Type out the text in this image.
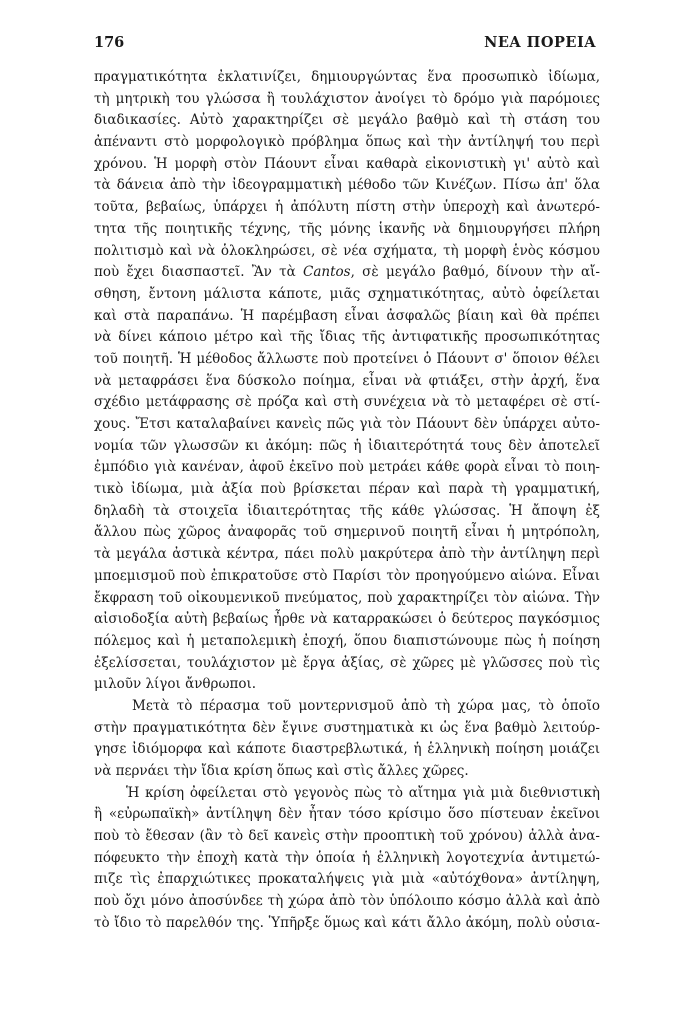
176	ΝΕΑ ΠΟΡΕΙΑ
πραγματικότητα ἐκλατινίζει, δημιουργώντας ἕνα προσωπικὸ ἰδίωμα,
τὴ μητρικὴ του γλώσσα ἢ τουλάχιστον ἀνοίγει τὸ δρόμο γιὰ παρόμοιες
διαδικασίες. Αὐτὸ χαρακτηρίζει σὲ μεγάλο βαθμὸ καὶ τὴ στάση του
ἀπέναντι στὸ μορφολογικὸ πρόβλημα ὅπως καὶ τὴν ἀντίληψή του περὶ
χρόνου. Ἡ μορφὴ στὸν Πάουντ εἶναι καθαρὰ εἰκονιστικὴ γι' αὐτὸ καὶ
τὰ δάνεια ἀπὸ τὴν ἰδεογραμματικὴ μέθοδο τῶν Κινέζων. Πίσω ἀπ' ὅλα
τοῦτα, βεβαίως, ὑπάρχει ἡ ἀπόλυτη πίστη στὴν ὑπεροχὴ καὶ ἀνωτερό-
τητα τῆς ποιητικῆς τέχνης, τῆς μόνης ἱκανῆς νὰ δημιουργήσει πλήρη
πολιτισμὸ καὶ νὰ ὁλοκληρώσει, σὲ νέα σχήματα, τὴ μορφὴ ἑνὸς κόσμου
ποὺ ἔχει διασπαστεῖ. Ἂν τὰ Cantos, σὲ μεγάλο βαθμό, δίνουν τὴν αἴ-
σθηση, ἔντονη μάλιστα κάποτε, μιᾶς σχηματικότητας, αὐτὸ ὀφείλεται
καὶ στὰ παραπάνω. Ἡ παρέμβαση εἶναι ἀσφαλῶς βίαιη καὶ θὰ πρέπει
νὰ δίνει κάποιο μέτρο καὶ τῆς ἴδιας τῆς ἀντιφατικῆς προσωπικότητας
τοῦ ποιητῆ. Ἡ μέθοδος ἄλλωστε ποὺ προτείνει ὁ Πάουντ σ' ὅποιον θέλει
νὰ μεταφράσει ἕνα δύσκολο ποίημα, εἶναι νὰ φτιάξει, στὴν ἀρχή, ἕνα
σχέδιο μετάφρασης σὲ πρόζα καὶ στὴ συνέχεια νὰ τὸ μεταφέρει σὲ στί-
χους. Ἔτσι καταλαβαίνει κανεὶς πῶς γιὰ τὸν Πάουντ δὲν ὑπάρχει αὐτο-
νομία τῶν γλωσσῶν κι ἀκόμη: πῶς ἡ ἰδιαιτερότητά τους δὲν ἀποτελεῖ
ἐμπόδιο γιὰ κανέναν, ἀφοῦ ἐκεῖνο ποὺ μετράει κάθε φορὰ εἶναι τὸ ποιη-
τικὸ ἰδίωμα, μιὰ ἀξία ποὺ βρίσκεται πέραν καὶ παρὰ τὴ γραμματική,
δηλαδὴ τὰ στοιχεῖα ἰδιαιτερότητας τῆς κάθε γλώσσας. Ἡ ἄποψη ἐξ
ἄλλου πὼς χῶρος ἀναφορᾶς τοῦ σημερινοῦ ποιητῆ εἶναι ἡ μητρόπολη,
τὰ μεγάλα ἀστικὰ κέντρα, πάει πολὺ μακρύτερα ἀπὸ τὴν ἀντίληψη περὶ
μποεμισμοῦ ποὺ ἐπικρατοῦσε στὸ Παρίσι τὸν προηγούμενο αἰώνα. Εἶναι
ἔκφραση τοῦ οἰκουμενικοῦ πνεύματος, ποὺ χαρακτηρίζει τὸν αἰώνα. Τὴν
αἰσιοδοξία αὐτὴ βεβαίως ἦρθε νὰ καταρρακώσει ὁ δεύτερος παγκόσμιος
πόλεμος καὶ ἡ μεταπολεμικὴ ἐποχή, ὅπου διαπιστώνουμε πὼς ἡ ποίηση
ἐξελίσσεται, τουλάχιστον μὲ ἔργα ἀξίας, σὲ χῶρες μὲ γλῶσσες ποὺ τὶς
μιλοῦν λίγοι ἄνθρωποι.
Μετὰ τὸ πέρασμα τοῦ μοντερνισμοῦ ἀπὸ τὴ χώρα μας, τὸ ὁποῖο
στὴν πραγματικότητα δὲν ἔγινε συστηματικὰ κι ὡς ἕνα βαθμὸ λειτούρ-
γησε ἰδιόμορφα καὶ κάποτε διαστρεβλωτικά, ἡ ἑλληνικὴ ποίηση μοιάζει
νὰ περνάει τὴν ἴδια κρίση ὅπως καὶ στὶς ἄλλες χῶρες.
Ἡ κρίση ὀφείλεται στὸ γεγονὸς πὼς τὸ αἴτημα γιὰ μιὰ διεθνιστικὴ
ἢ «εὐρωπαϊκὴ» ἀντίληψη δὲν ἦταν τόσο κρίσιμο ὅσο πίστευαν ἐκεῖνοι
ποὺ τὸ ἔθεσαν (ἂν τὸ δεῖ κανεὶς στὴν προοπτικὴ τοῦ χρόνου) ἀλλὰ ἀνα-
πόφευκτο τὴν ἐποχὴ κατὰ τὴν ὁποία ἡ ἑλληνικὴ λογοτεχνία ἀντιμετώ-
πιζε τὶς ἐπαρχιώτικες προκαταλήψεις γιὰ μιὰ «αὐτόχθονα» ἀντίληψη,
ποὺ ὄχι μόνο ἀποσύνδεε τὴ χώρα ἀπὸ τὸν ὑπόλοιπο κόσμο ἀλλὰ καὶ ἀπὸ
τὸ ἴδιο τὸ παρελθόν της. Ὑπῆρξε ὅμως καὶ κάτι ἄλλο ἀκόμη, πολὺ οὐσια-
